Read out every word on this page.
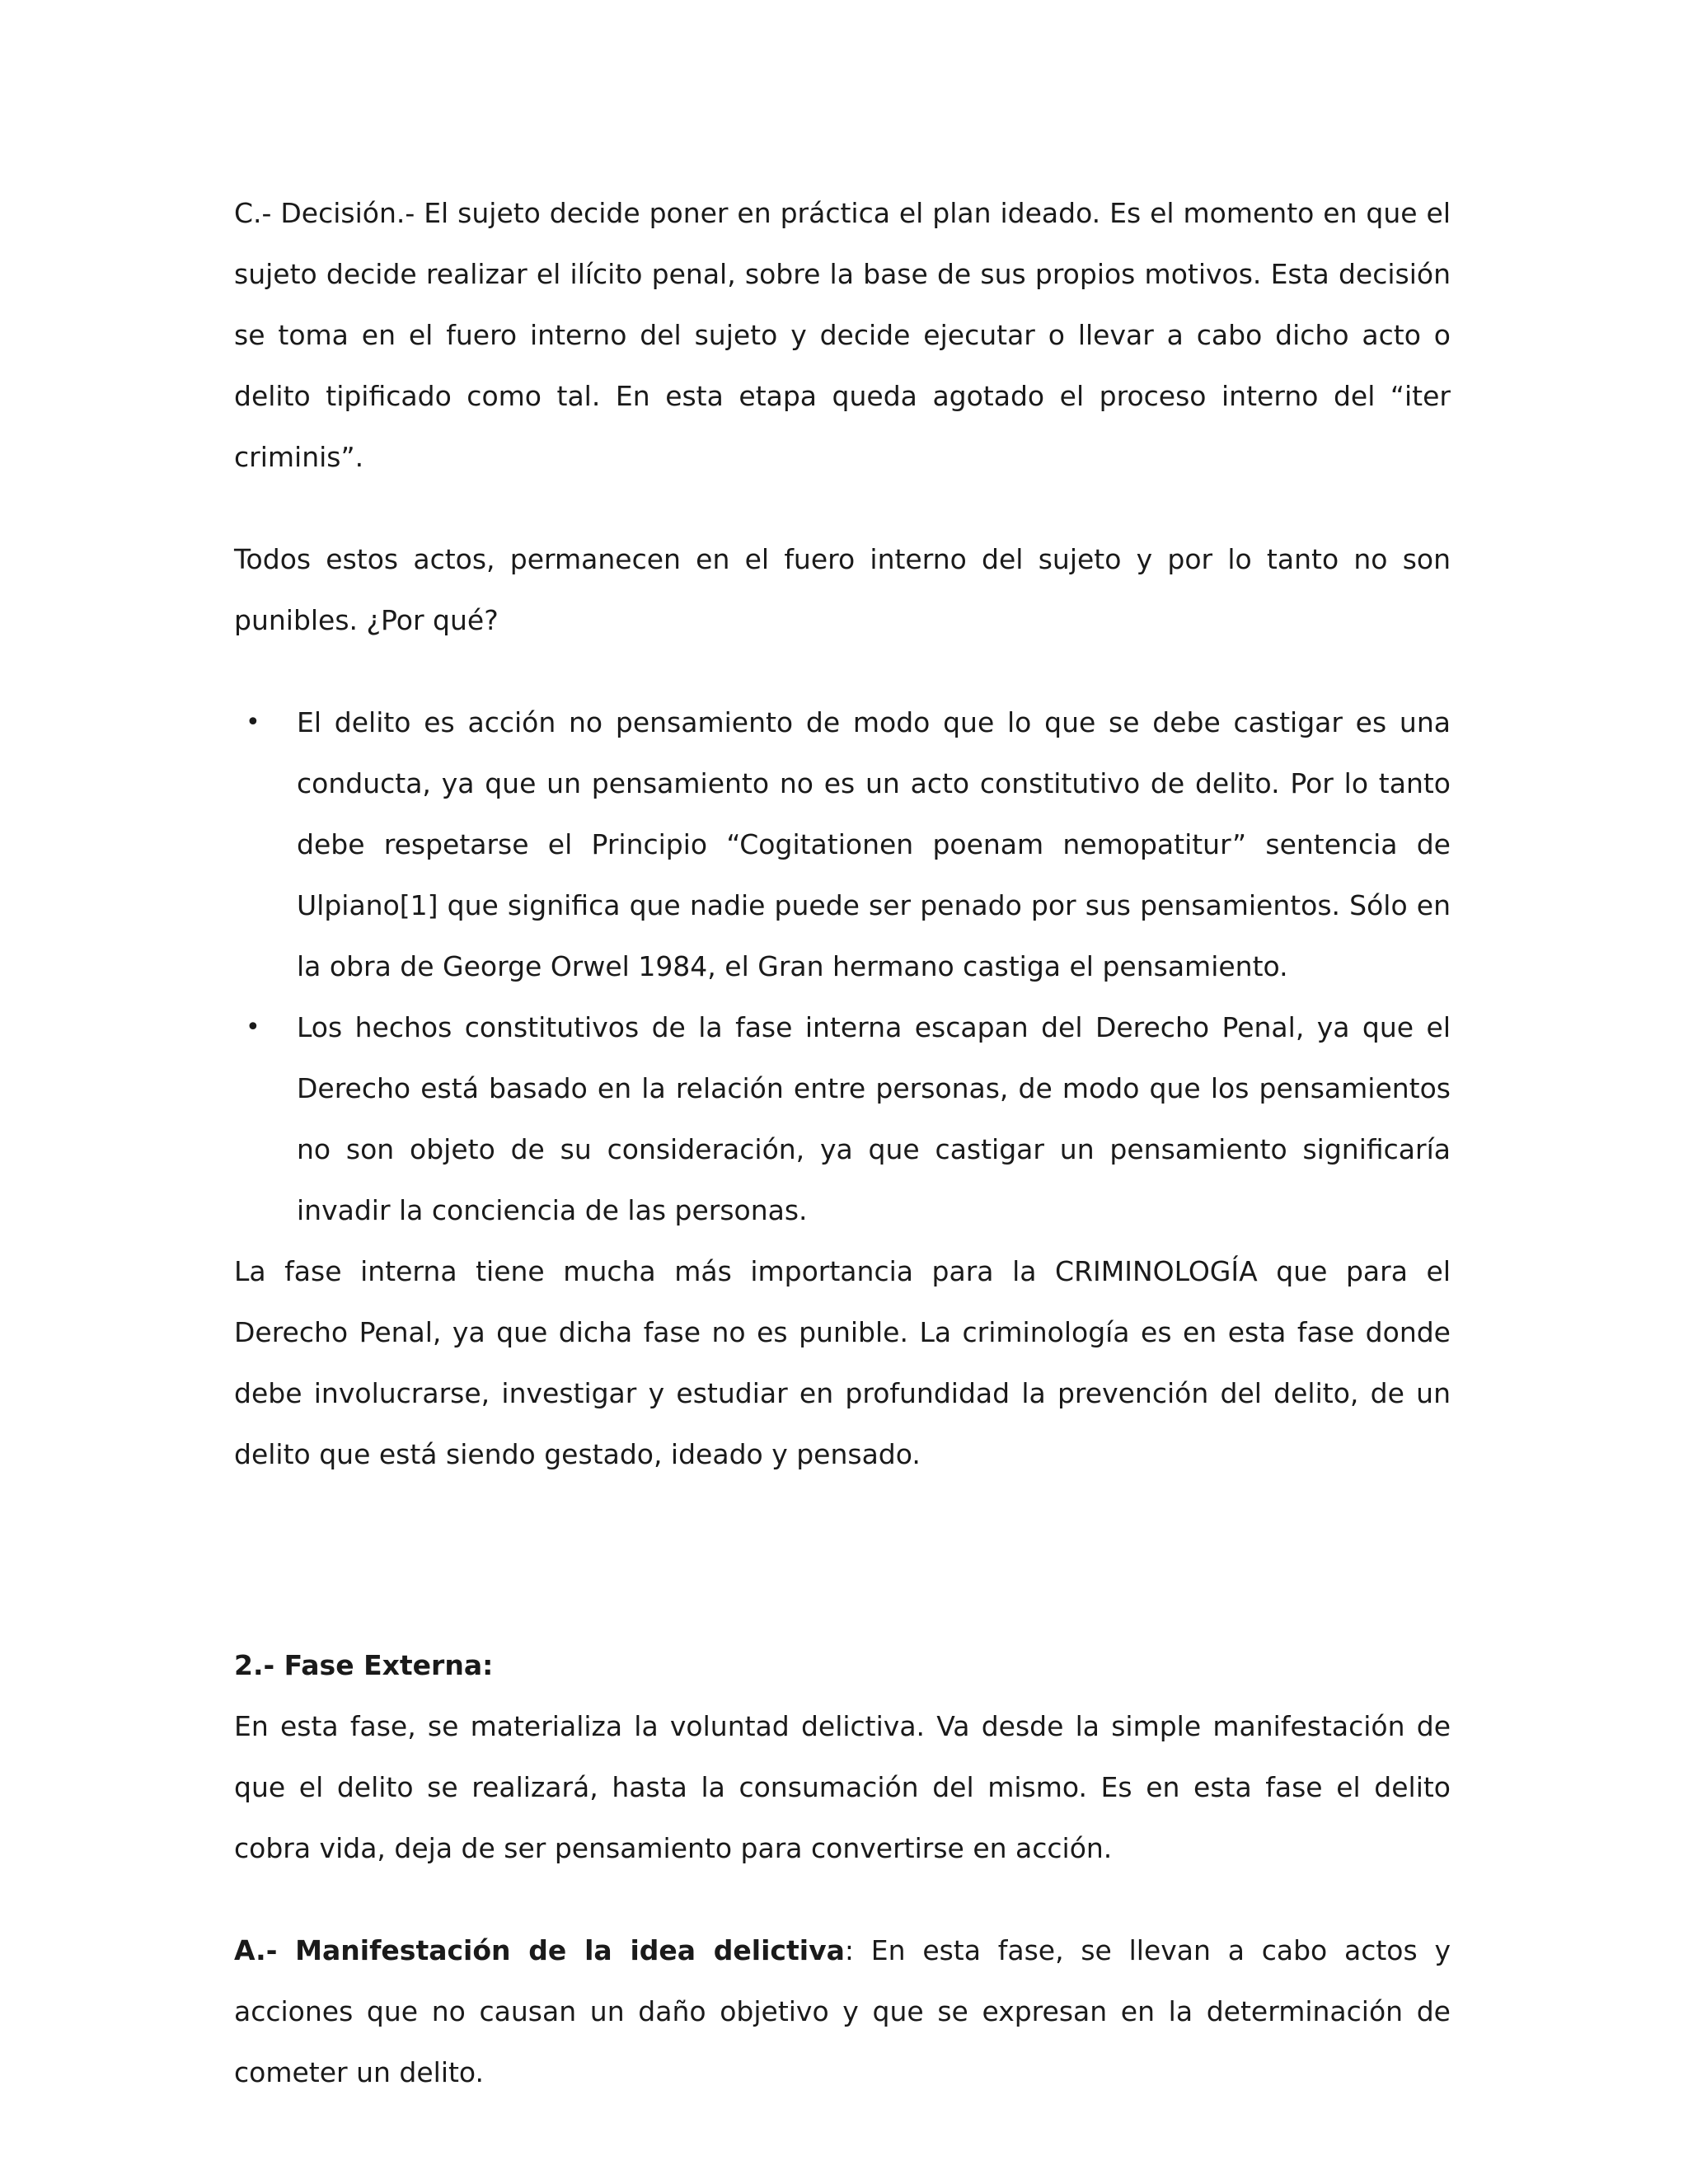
C.- Decisión.- El sujeto decide poner en práctica el plan ideado. Es el momento en que el sujeto decide realizar el ilícito penal, sobre la base de sus propios motivos. Esta decisión se toma en el fuero interno del sujeto y decide ejecutar o llevar a cabo dicho acto o delito tipificado como tal. En esta etapa queda agotado el proceso interno del “iter criminis”.

Todos estos actos, permanecen en el fuero interno del sujeto y por lo tanto no son punibles. ¿Por qué?

• El delito es acción no pensamiento de modo que lo que se debe castigar es una conducta, ya que un pensamiento no es un acto constitutivo de delito. Por lo tanto debe respetarse el Principio “Cogitationen poenam nemopatitur” sentencia de Ulpiano[1] que significa que nadie puede ser penado por sus pensamientos. Sólo en la obra de George Orwel 1984, el Gran hermano castiga el pensamiento.
• Los hechos constitutivos de la fase interna escapan del Derecho Penal, ya que el Derecho está basado en la relación entre personas, de modo que los pensamientos no son objeto de su consideración, ya que castigar un pensamiento significaría invadir la conciencia de las personas.

La fase interna tiene mucha más importancia para la CRIMINOLOGÍA que para el Derecho Penal, ya que dicha fase no es punible. La criminología es en esta fase donde debe involucrarse, investigar y estudiar en profundidad la prevención del delito, de un delito que está siendo gestado, ideado y pensado.

2.- Fase Externa:

En esta fase, se materializa la voluntad delictiva. Va desde la simple manifestación de que el delito se realizará, hasta la consumación del mismo. Es en esta fase el delito cobra vida, deja de ser pensamiento para convertirse en acción.

A.- Manifestación de la idea delictiva: En esta fase, se llevan a cabo actos y acciones que no causan un daño objetivo y que se expresan en la determinación de cometer un delito.
